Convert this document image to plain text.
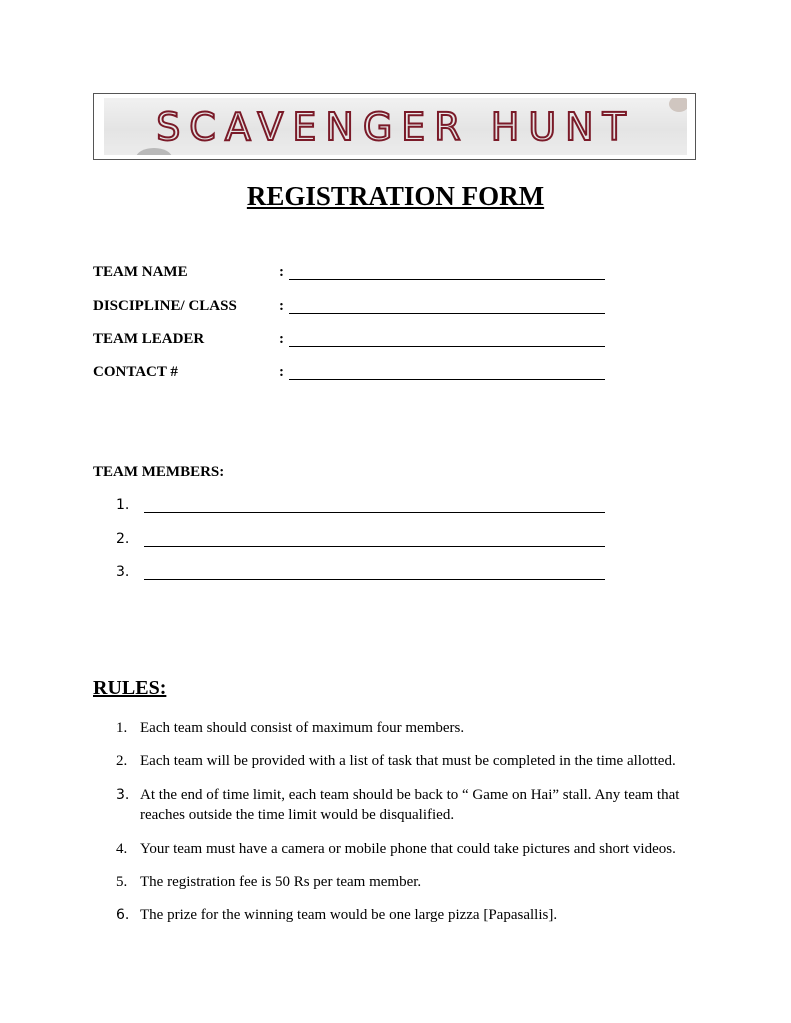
SCAVENGER HUNT
REGISTRATION FORM
TEAM NAME	:
DISCIPLINE/ CLASS	:
TEAM LEADER	:
CONTACT #	:
TEAM MEMBERS:
1.
2.
3.
RULES:
1. Each team should consist of maximum four members.
2. Each team will be provided with a list of task that must be completed in the time allotted.
3. At the end of time limit, each team should be back to “ Game on Hai” stall. Any team that reaches outside the time limit would be disqualified.
4. Your team must have a camera or mobile phone that could take pictures and short videos.
5. The registration fee is 50 Rs per team member.
6. The prize for the winning team would be one large pizza [Papasallis].
